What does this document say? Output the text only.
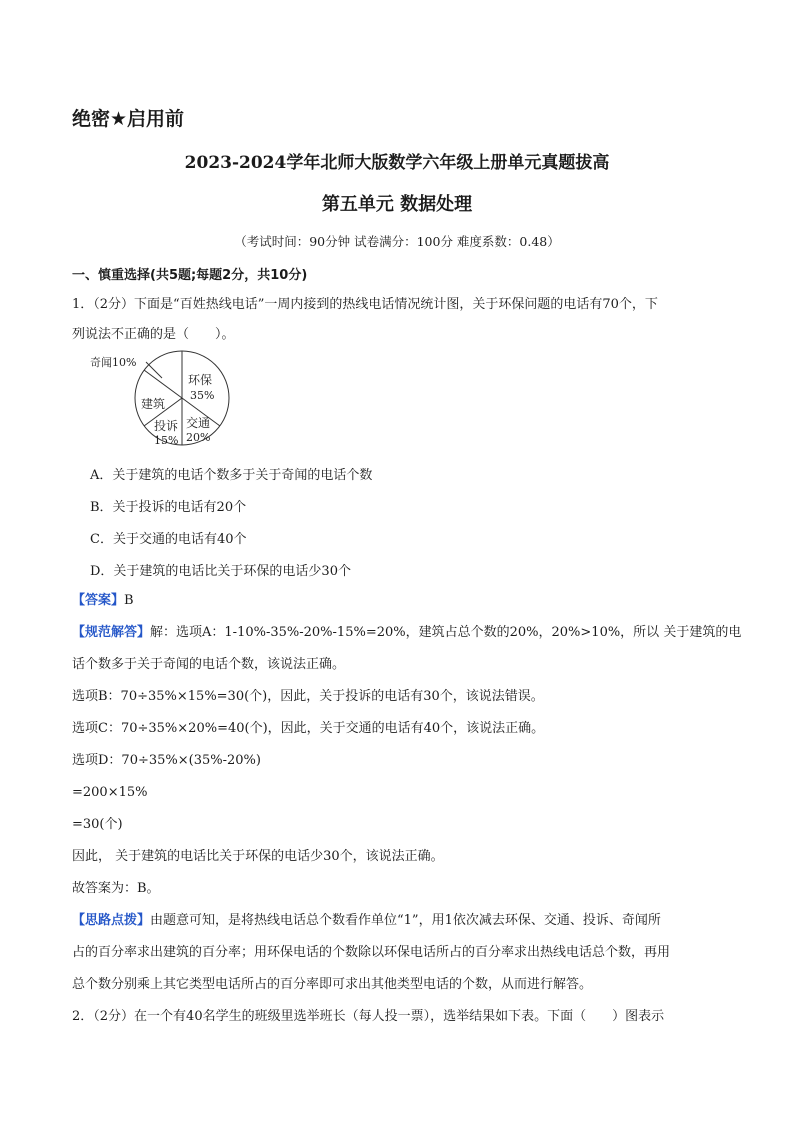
绝密★启用前
2023-2024学年北师大版数学六年级上册单元真题拔高
第五单元 数据处理
（考试时间：90分钟 试卷满分：100分 难度系数：0.48）
一、慎重选择(共5题;每题2分，共10分)
1．（2分）下面是“百姓热线电话”一周内接到的热线电话情况统计图，关于环保问题的电话有70个，下
列说法不正确的是（　　）。
奇闻10%
环保
35%
建筑
投诉
15%
交通
20%
A．关于建筑的电话个数多于关于奇闻的电话个数
B．关于投诉的电话有20个
C．关于交通的电话有40个
D．关于建筑的电话比关于环保的电话少30个
【答案】B
【规范解答】解：选项A：1-10%-35%-20%-15%=20%，建筑占总个数的20%，20%>10%，所以 关于建筑的电
话个数多于关于奇闻的电话个数，该说法正确。
选项B：70÷35%×15%=30(个)，因此，关于投诉的电话有30个，该说法错误。
选项C：70÷35%×20%=40(个)，因此，关于交通的电话有40个，该说法正确。
选项D：70÷35%×(35%-20%)
=200×15%
=30(个)
因此， 关于建筑的电话比关于环保的电话少30个，该说法正确。
故答案为：B。
【思路点拨】由题意可知，是将热线电话总个数看作单位“1”，用1依次减去环保、交通、投诉、奇闻所
占的百分率求出建筑的百分率；用环保电话的个数除以环保电话所占的百分率求出热线电话总个数，再用
总个数分别乘上其它类型电话所占的百分率即可求出其他类型电话的个数，从而进行解答。
2．（2分）在一个有40名学生的班级里选举班长（每人投一票），选举结果如下表。下面（　　）图表示
